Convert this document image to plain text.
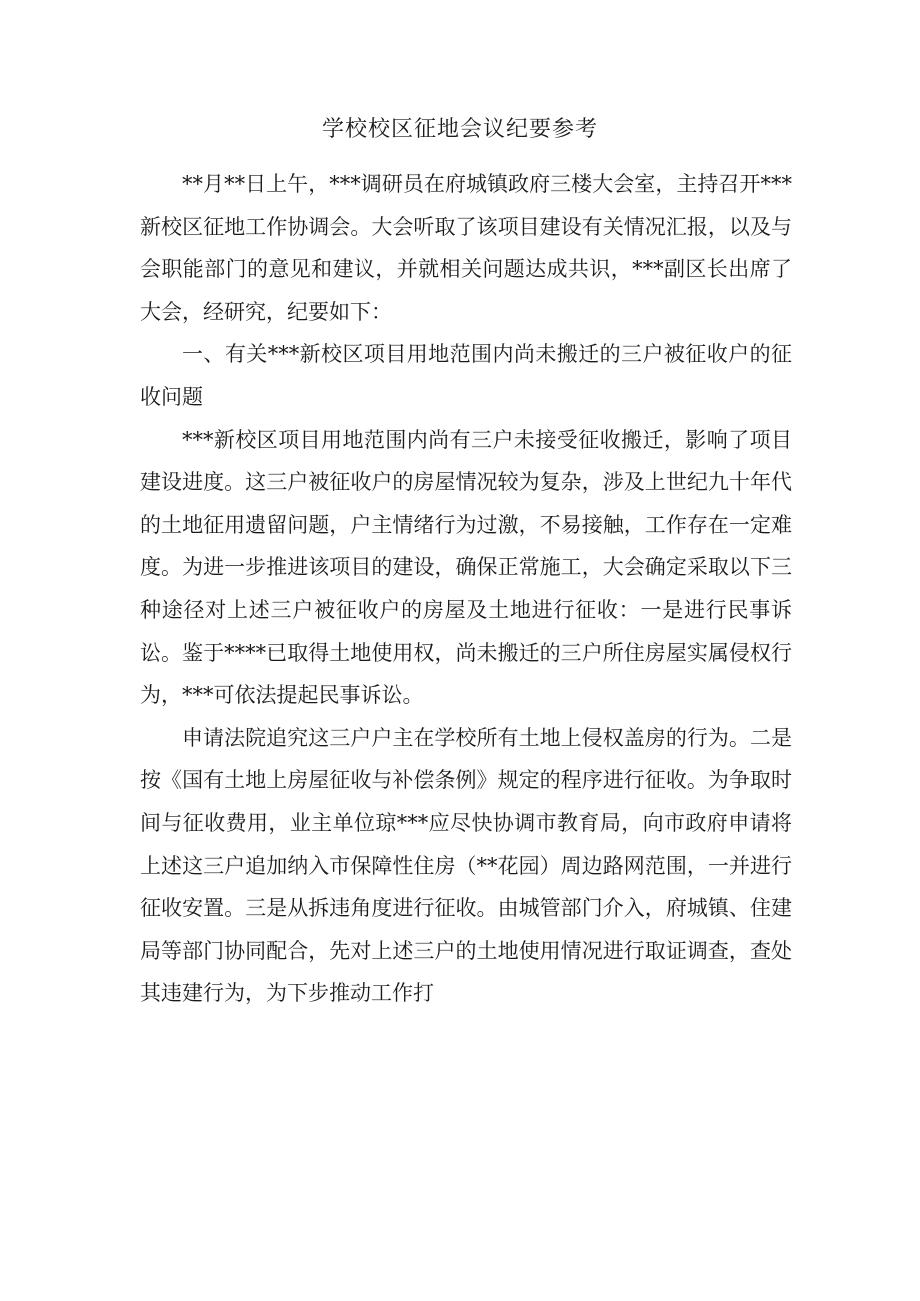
学校校区征地会议纪要参考

**月**日上午，***调研员在府城镇政府三楼大会室，主持召开***新校区征地工作协调会。大会听取了该项目建设有关情况汇报，以及与会职能部门的意见和建议，并就相关问题达成共识，***副区长出席了大会，经研究，纪要如下：

一、有关***新校区项目用地范围内尚未搬迁的三户被征收户的征收问题

***新校区项目用地范围内尚有三户未接受征收搬迁，影响了项目建设进度。这三户被征收户的房屋情况较为复杂，涉及上世纪九十年代的土地征用遗留问题，户主情绪行为过激，不易接触，工作存在一定难度。为进一步推进该项目的建设，确保正常施工，大会确定采取以下三种途径对上述三户被征收户的房屋及土地进行征收：一是进行民事诉讼。鉴于****已取得土地使用权，尚未搬迁的三户所住房屋实属侵权行为，***可依法提起民事诉讼。

申请法院追究这三户户主在学校所有土地上侵权盖房的行为。二是按《国有土地上房屋征收与补偿条例》规定的程序进行征收。为争取时间与征收费用，业主单位琼***应尽快协调市教育局，向市政府申请将上述这三户追加纳入市保障性住房（**花园）周边路网范围，一并进行征收安置。三是从拆违角度进行征收。由城管部门介入，府城镇、住建局等部门协同配合，先对上述三户的土地使用情况进行取证调查，查处其违建行为，为下步推动工作打
